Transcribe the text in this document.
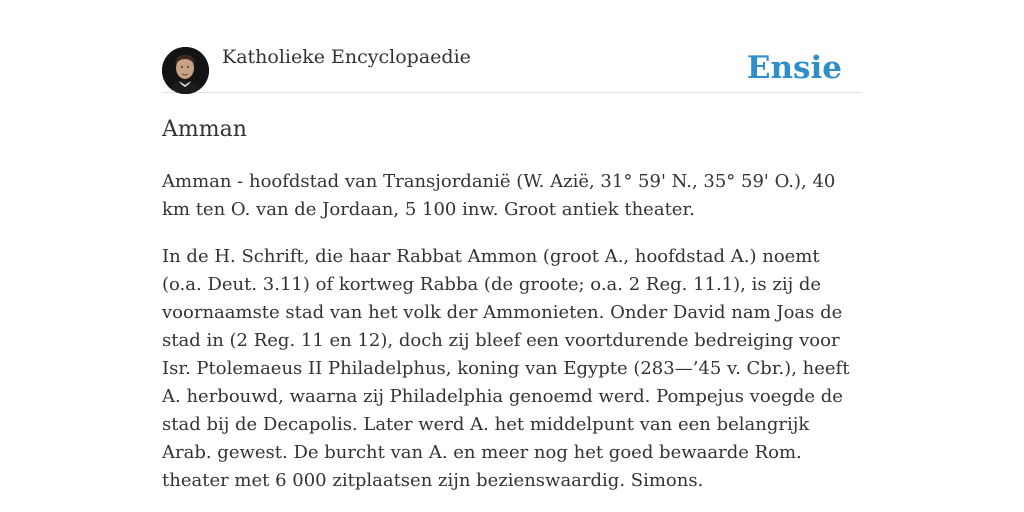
Katholieke Encyclopaedie	Ensie
Amman

Amman - hoofdstad van Transjordanië (W. Azië, 31° 59' N., 35° 59' O.), 40 km ten O. van de Jordaan, 5 100 inw. Groot antiek theater.

In de H. Schrift, die haar Rabbat Ammon (groot A., hoofdstad A.) noemt (o.a. Deut. 3.11) of kortweg Rabba (de groote; o.a. 2 Reg. 11.1), is zij de voornaamste stad van het volk der Ammonieten. Onder David nam Joas de stad in (2 Reg. 11 en 12), doch zij bleef een voortdurende bedreiging voor Isr. Ptolemaeus II Philadelphus, koning van Egypte (283—’45 v. Cbr.), heeft A. herbouwd, waarna zij Philadelphia genoemd werd. Pompejus voegde de stad bij de Decapolis. Later werd A. het middelpunt van een belangrijk Arab. gewest. De burcht van A. en meer nog het goed bewaarde Rom. theater met 6 000 zitplaatsen zijn bezienswaardig. Simons.
